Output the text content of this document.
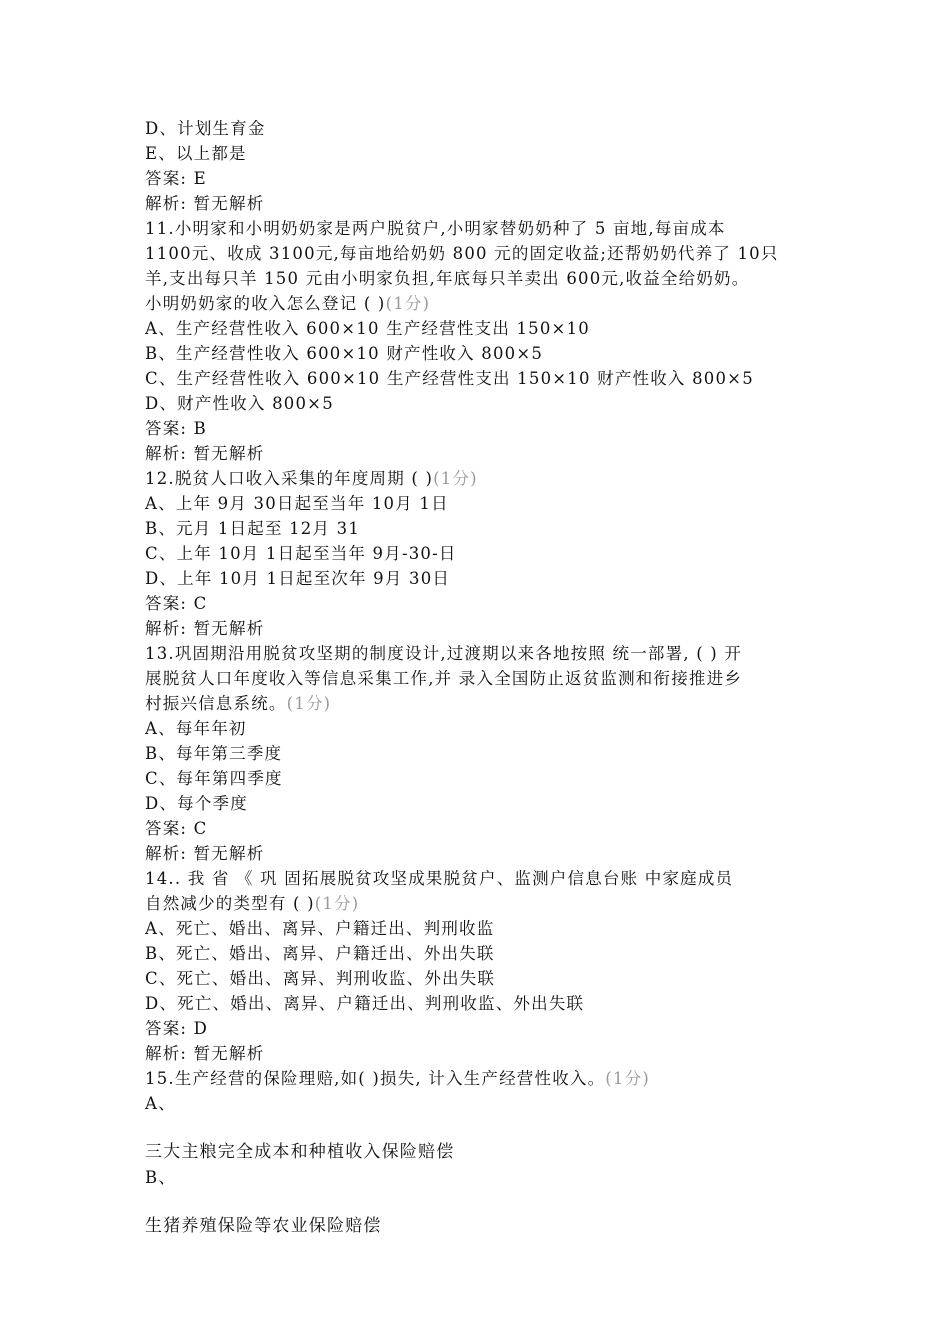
D、计划生育金
E、以上都是
答案: E
解析: 暂无解析
11.小明家和小明奶奶家是两户脱贫户,小明家替奶奶种了 5 亩地,每亩成本
1100元、收成 3100元,每亩地给奶奶 800 元的固定收益;还帮奶奶代养了 10只
羊,支出每只羊 150 元由小明家负担,年底每只羊卖出 600元,收益全给奶奶。
小明奶奶家的收入怎么登记 ( )(1分)
A、生产经营性收入 600×10 生产经营性支出 150×10
B、生产经营性收入 600×10 财产性收入 800×5
C、生产经营性收入 600×10 生产经营性支出 150×10 财产性收入 800×5
D、财产性收入 800×5
答案: B
解析: 暂无解析
12.脱贫人口收入采集的年度周期 ( )(1分)
A、上年 9月 30日起至当年 10月 1日
B、元月 1日起至 12月 31
C、上年 10月 1日起至当年 9月-30-日
D、上年 10月 1日起至次年 9月 30日
答案: C
解析: 暂无解析
13.巩固期沿用脱贫攻坚期的制度设计,过渡期以来各地按照 统一部署, ( ) 开
展脱贫人口年度收入等信息采集工作,并 录入全国防止返贫监测和衔接推进乡
村振兴信息系统。(1分)
A、每年年初
B、每年第三季度
C、每年第四季度
D、每个季度
答案: C
解析: 暂无解析
14.. 我 省 《 巩 固拓展脱贫攻坚成果脱贫户、监测户信息台账 中家庭成员
自然减少的类型有 ( )(1分)
A、死亡、婚出、离异、户籍迁出、判刑收监
B、死亡、婚出、离异、户籍迁出、外出失联
C、死亡、婚出、离异、判刑收监、外出失联
D、死亡、婚出、离异、户籍迁出、判刑收监、外出失联
答案: D
解析: 暂无解析
15.生产经营的保险理赔,如( )损失, 计入生产经营性收入。(1分)
A、
三大主粮完全成本和种植收入保险赔偿
B、
生猪养殖保险等农业保险赔偿
